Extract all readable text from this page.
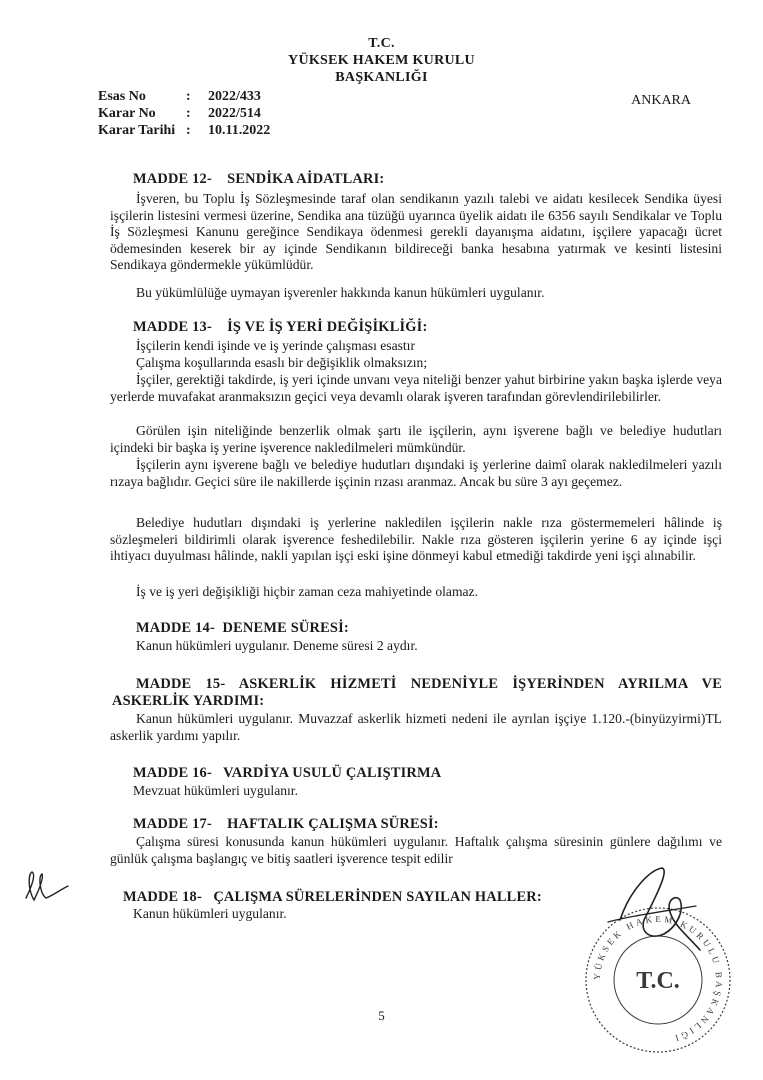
T.C.
YÜKSEK HAKEM KURULU
BAŞKANLIĞI
ANKARA
Esas No	: 2022/433
Karar No : 2022/514
Karar Tarihi : 10.11.2022
MADDE 12-    SENDİKA AİDATLARI:
İşveren, bu Toplu İş Sözleşmesinde taraf olan sendikanın yazılı talebi ve aidatı kesilecek Sendika üyesi işçilerin listesini vermesi üzerine, Sendika ana tüzüğü uyarınca üyelik aidatı ile 6356 sayılı Sendikalar ve Toplu İş Sözleşmesi Kanunu gereğince Sendikaya ödenmesi gerekli dayanışma aidatını, işçilere yapacağı ücret ödemesinden keserek bir ay içinde Sendikanın bildireceği banka hesabına yatırmak ve kesinti listesini Sendikaya göndermekle yükümlüdür.
Bu yükümlülüğe uymayan işverenler hakkında kanun hükümleri uygulanır.
MADDE 13-    İŞ VE İŞ YERİ DEĞİŞİKLİĞİ:
İşçilerin kendi işinde ve iş yerinde çalışması esastır
Çalışma koşullarında esaslı bir değişiklik olmaksızın;
İşçiler, gerektiği takdirde, iş yeri içinde unvanı veya niteliği benzer yahut birbirine yakın başka işlerde veya yerlerde muvafakat aranmaksızın geçici veya devamlı olarak işveren tarafından görevlendirilebilirler.
Görülen işin niteliğinde benzerlik olmak şartı ile işçilerin, aynı işverene bağlı ve belediye hudutları içindeki bir başka iş yerine işverence nakledilmeleri mümkündür.
İşçilerin aynı işverene bağlı ve belediye hudutları dışındaki iş yerlerine daimî olarak nakledilmeleri yazılı rızaya bağlıdır. Geçici süre ile nakillerde işçinin rızası aranmaz. Ancak bu süre 3 ayı geçemez.
Belediye hudutları dışındaki iş yerlerine nakledilen işçilerin nakle rıza göstermemeleri hâlinde iş sözleşmeleri bildirimli olarak işverence feshedilebilir. Nakle rıza gösteren işçilerin yerine 6 ay içinde işçi ihtiyacı duyulması hâlinde, nakli yapılan işçi eski işine dönmeyi kabul etmediği takdirde yeni işçi alınabilir.
İş ve iş yeri değişikliği hiçbir zaman ceza mahiyetinde olamaz.
MADDE 14-  DENEME SÜRESİ:
Kanun hükümleri uygulanır. Deneme süresi 2 aydır.
MADDE 15- ASKERLİK HİZMETİ NEDENİYLE İŞYERİNDEN AYRILMA VE
ASKERLİK YARDIMI:
Kanun hükümleri uygulanır. Muvazzaf askerlik hizmeti nedeni ile ayrılan işçiye 1.120.-(binyüzyirmi)TL askerlik yardımı yapılır.
MADDE 16-   VARDİYA USULÜ ÇALIŞTIRMA
Mevzuat hükümleri uygulanır.
MADDE 17-    HAFTALIK ÇALIŞMA SÜRESİ:
Çalışma süresi konusunda kanun hükümleri uygulanır. Haftalık çalışma süresinin günlere dağılımı ve günlük çalışma başlangıç ve bitiş saatleri işverence tespit edilir
MADDE 18-   ÇALIŞMA SÜRELERİNDEN SAYILAN HALLER:
Kanun hükümleri uygulanır.
YÜKSEK HAKEM KURULU BAŞKANLIĞI
T.C.
5
